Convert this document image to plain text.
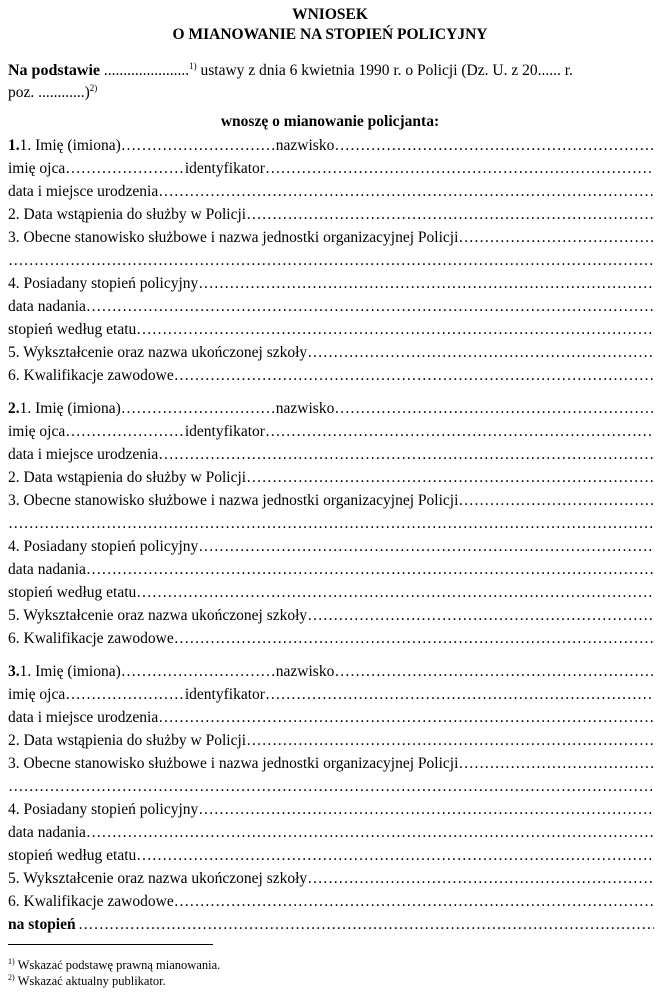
WNIOSEK
O MIANOWANIE NA STOPIEŃ POLICYJNY
Na podstawie ......................$^{1)}$ ustawy z dnia 6 kwietnia 1990 r. o Policji (Dz. U. z 20...... r.
poz. ............)$^{2)}$
wnoszę o mianowanie policjanta:
1. 1. Imię (imiona) ……………………………………………………………………………………………………………………………………………………………………………………………………………	nazwisko
……………………………………………………………………………………………………………………………………………………………………………………………………………
imię ojca ……………………………………………………………………………………………………………………………………………………………………………………………………………	identyfikator
……………………………………………………………………………………………………………………………………………………………………………………………………………
data i miejsce urodzenia
……………………………………………………………………………………………………………………………………………………………………………………………………………
2. Data wstąpienia do służby w Policji
……………………………………………………………………………………………………………………………………………………………………………………………………………
3. Obecne stanowisko służbowe i nazwa jednostki organizacyjnej Policji
……………………………………………………………………………………………………………………………………………………………………………………………………………
……………………………………………………………………………………………………………………………………………………………………………………………………………
4. Posiadany stopień policyjny
……………………………………………………………………………………………………………………………………………………………………………………………………………
data nadania
……………………………………………………………………………………………………………………………………………………………………………………………………………
stopień według etatu
……………………………………………………………………………………………………………………………………………………………………………………………………………
5. Wykształcenie oraz nazwa ukończonej szkoły
……………………………………………………………………………………………………………………………………………………………………………………………………………
6. Kwalifikacje zawodowe
……………………………………………………………………………………………………………………………………………………………………………………………………………
2. 1. Imię (imiona) ……………………………………………………………………………………………………………………………………………………………………………………………………………	nazwisko
……………………………………………………………………………………………………………………………………………………………………………………………………………
imię ojca ……………………………………………………………………………………………………………………………………………………………………………………………………………	identyfikator
……………………………………………………………………………………………………………………………………………………………………………………………………………
data i miejsce urodzenia
……………………………………………………………………………………………………………………………………………………………………………………………………………
2. Data wstąpienia do służby w Policji
……………………………………………………………………………………………………………………………………………………………………………………………………………
3. Obecne stanowisko służbowe i nazwa jednostki organizacyjnej Policji
……………………………………………………………………………………………………………………………………………………………………………………………………………
……………………………………………………………………………………………………………………………………………………………………………………………………………
4. Posiadany stopień policyjny
……………………………………………………………………………………………………………………………………………………………………………………………………………
data nadania
……………………………………………………………………………………………………………………………………………………………………………………………………………
stopień według etatu
……………………………………………………………………………………………………………………………………………………………………………………………………………
5. Wykształcenie oraz nazwa ukończonej szkoły
……………………………………………………………………………………………………………………………………………………………………………………………………………
6. Kwalifikacje zawodowe
……………………………………………………………………………………………………………………………………………………………………………………………………………
3. 1. Imię (imiona) ……………………………………………………………………………………………………………………………………………………………………………………………………………	nazwisko
……………………………………………………………………………………………………………………………………………………………………………………………………………
imię ojca ……………………………………………………………………………………………………………………………………………………………………………………………………………	identyfikator
……………………………………………………………………………………………………………………………………………………………………………………………………………
data i miejsce urodzenia
……………………………………………………………………………………………………………………………………………………………………………………………………………
2. Data wstąpienia do służby w Policji
……………………………………………………………………………………………………………………………………………………………………………………………………………
3. Obecne stanowisko służbowe i nazwa jednostki organizacyjnej Policji
……………………………………………………………………………………………………………………………………………………………………………………………………………
……………………………………………………………………………………………………………………………………………………………………………………………………………
4. Posiadany stopień policyjny
……………………………………………………………………………………………………………………………………………………………………………………………………………
data nadania
……………………………………………………………………………………………………………………………………………………………………………………………………………
stopień według etatu
……………………………………………………………………………………………………………………………………………………………………………………………………………
5. Wykształcenie oraz nazwa ukończonej szkoły
……………………………………………………………………………………………………………………………………………………………………………………………………………
6. Kwalifikacje zawodowe
……………………………………………………………………………………………………………………………………………………………………………………………………………
na stopień
……………………………………………………………………………………………………………………………………………………………………………………………………………
$^{1)}$ Wskazać podstawę prawną mianowania.
$^{2)}$ Wskazać aktualny publikator.
